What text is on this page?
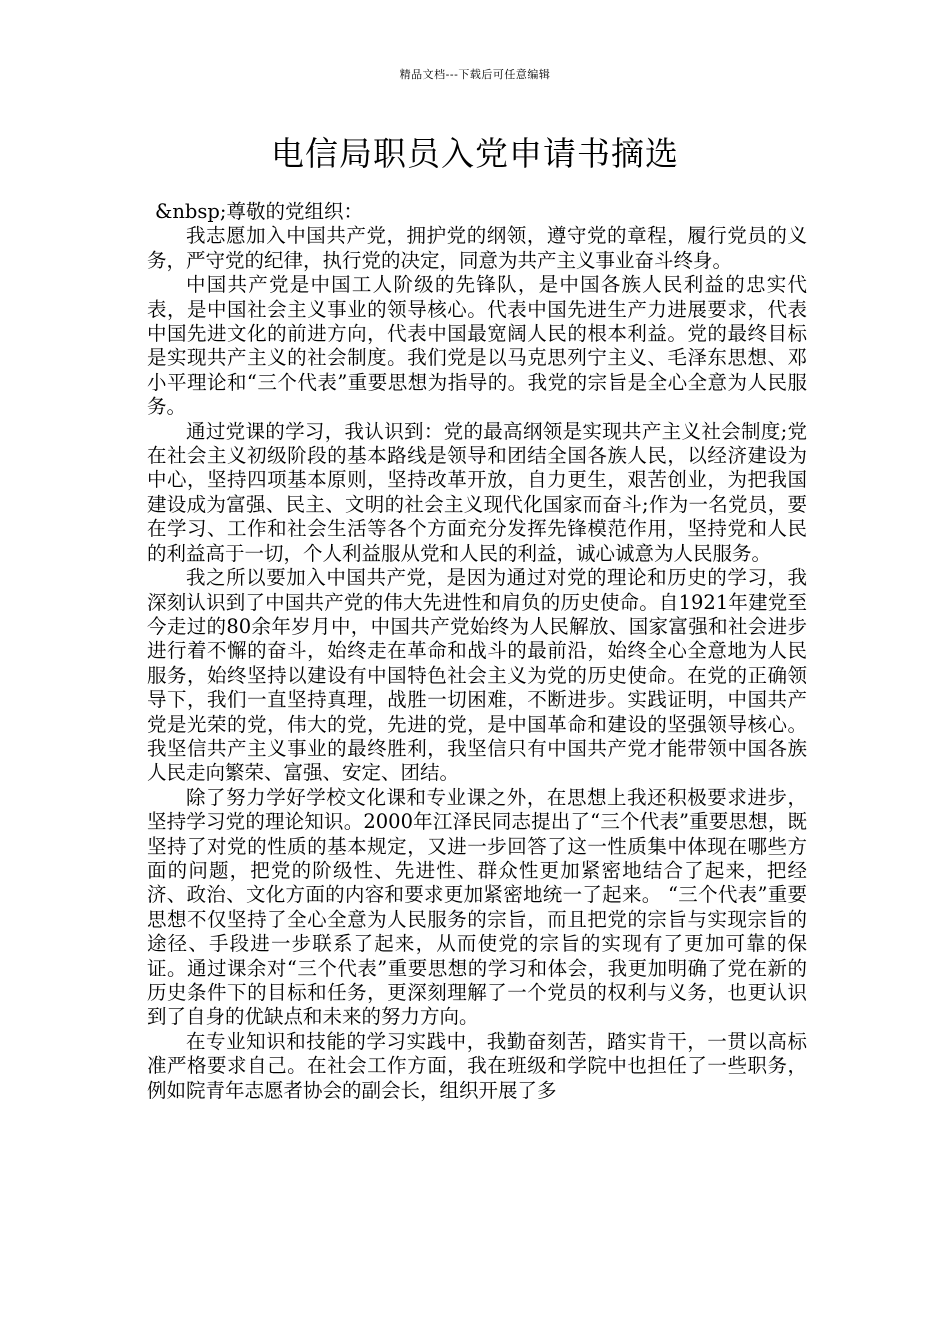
精品文档---下载后可任意编辑
电信局职员入党申请书摘选

&nbsp;尊敬的党组织：

我志愿加入中国共产党，拥护党的纲领，遵守党的章程，履行党员的义务，严守党的纪律，执行党的决定，同意为共产主义事业奋斗终身。

中国共产党是中国工人阶级的先锋队，是中国各族人民利益的忠实代表，是中国社会主义事业的领导核心。代表中国先进生产力进展要求，代表中国先进文化的前进方向，代表中国最宽阔人民的根本利益。党的最终目标是实现共产主义的社会制度。我们党是以马克思列宁主义、毛泽东思想、邓小平理论和“三个代表”重要思想为指导的。我党的宗旨是全心全意为人民服务。

通过党课的学习，我认识到：党的最高纲领是实现共产主义社会制度;党在社会主义初级阶段的基本路线是领导和团结全国各族人民，以经济建设为中心，坚持四项基本原则，坚持改革开放，自力更生，艰苦创业，为把我国建设成为富强、民主、文明的社会主义现代化国家而奋斗;作为一名党员，要在学习、工作和社会生活等各个方面充分发挥先锋模范作用，坚持党和人民的利益高于一切，个人利益服从党和人民的利益，诚心诚意为人民服务。

我之所以要加入中国共产党，是因为通过对党的理论和历史的学习，我深刻认识到了中国共产党的伟大先进性和肩负的历史使命。自1921年建党至今走过的80余年岁月中，中国共产党始终为人民解放、国家富强和社会进步进行着不懈的奋斗，始终走在革命和战斗的最前沿，始终全心全意地为人民服务，始终坚持以建设有中国特色社会主义为党的历史使命。在党的正确领导下，我们一直坚持真理，战胜一切困难，不断进步。实践证明，中国共产党是光荣的党，伟大的党，先进的党，是中国革命和建设的坚强领导核心。我坚信共产主义事业的最终胜利，我坚信只有中国共产党才能带领中国各族人民走向繁荣、富强、安定、团结。

除了努力学好学校文化课和专业课之外，在思想上我还积极要求进步，坚持学习党的理论知识。2000年江泽民同志提出了“三个代表”重要思想，既坚持了对党的性质的基本规定，又进一步回答了这一性质集中体现在哪些方面的问题，把党的阶级性、先进性、群众性更加紧密地结合了起来，把经济、政治、文化方面的内容和要求更加紧密地统一了起来。 “三个代表”重要思想不仅坚持了全心全意为人民服务的宗旨，而且把党的宗旨与实现宗旨的途径、手段进一步联系了起来，从而使党的宗旨的实现有了更加可靠的保证。通过课余对“三个代表”重要思想的学习和体会，我更加明确了党在新的历史条件下的目标和任务，更深刻理解了一个党员的权利与义务，也更认识到了自身的优缺点和未来的努力方向。

在专业知识和技能的学习实践中，我勤奋刻苦，踏实肯干，一贯以高标准严格要求自己。在社会工作方面，我在班级和学院中也担任了一些职务，例如院青年志愿者协会的副会长，组织开展了多
